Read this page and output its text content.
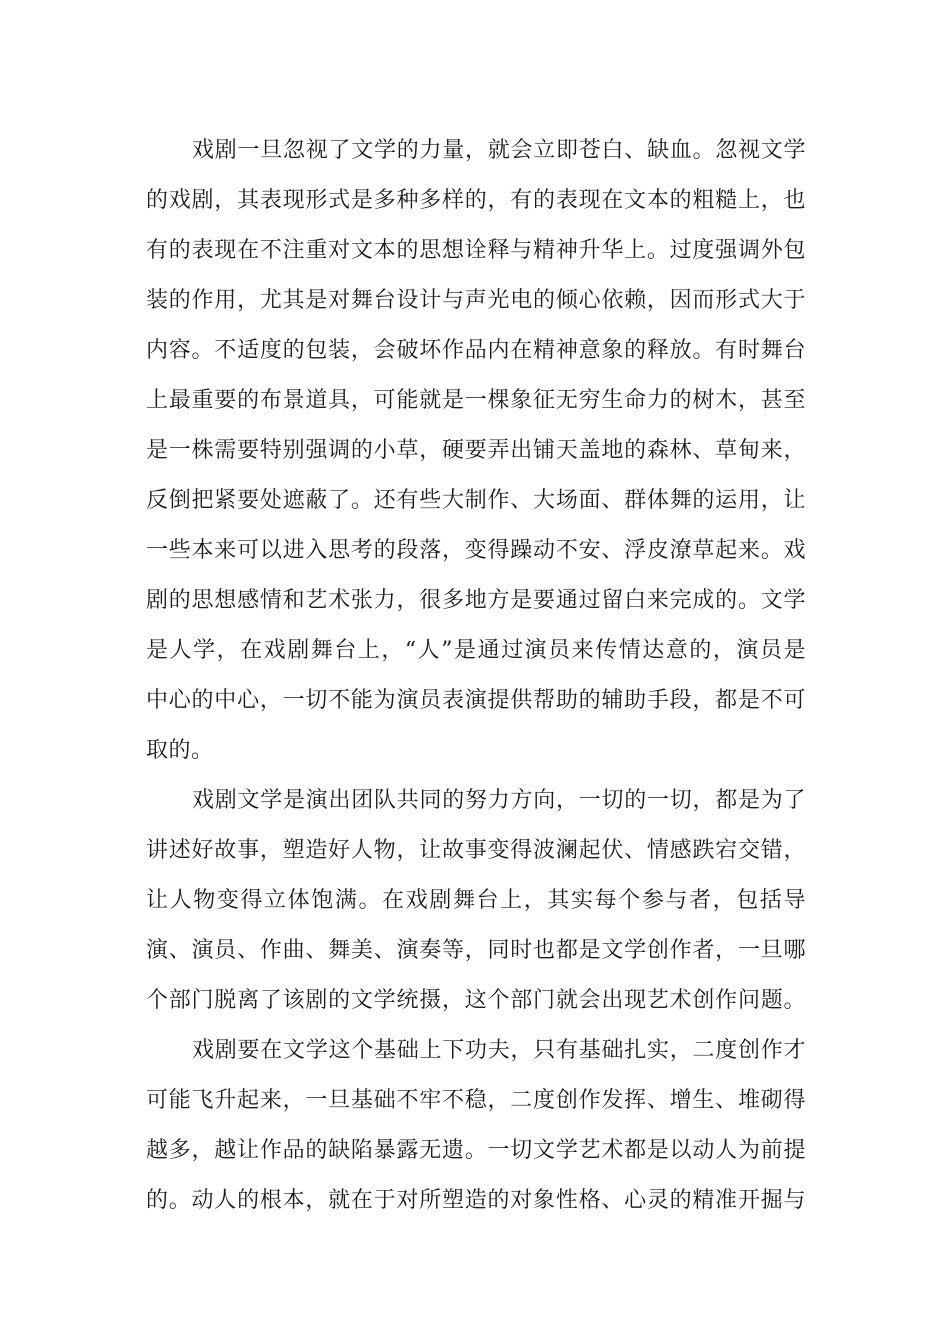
戏剧一旦忽视了文学的力量，就会立即苍白、缺血。忽视文学
的戏剧，其表现形式是多种多样的，有的表现在文本的粗糙上，也
有的表现在不注重对文本的思想诠释与精神升华上。过度强调外包
装的作用，尤其是对舞台设计与声光电的倾心依赖，因而形式大于
内容。不适度的包装，会破坏作品内在精神意象的释放。有时舞台
上最重要的布景道具，可能就是一棵象征无穷生命力的树木，甚至
是一株需要特别强调的小草，硬要弄出铺天盖地的森林、草甸来，
反倒把紧要处遮蔽了。还有些大制作、大场面、群体舞的运用，让
一些本来可以进入思考的段落，变得躁动不安、浮皮潦草起来。戏
剧的思想感情和艺术张力，很多地方是要通过留白来完成的。文学
是人学，在戏剧舞台上，“人”是通过演员来传情达意的，演员是
中心的中心，一切不能为演员表演提供帮助的辅助手段，都是不可
取的。
戏剧文学是演出团队共同的努力方向，一切的一切，都是为了
讲述好故事，塑造好人物，让故事变得波澜起伏、情感跌宕交错，
让人物变得立体饱满。在戏剧舞台上，其实每个参与者，包括导
演、演员、作曲、舞美、演奏等，同时也都是文学创作者，一旦哪
个部门脱离了该剧的文学统摄，这个部门就会出现艺术创作问题。
戏剧要在文学这个基础上下功夫，只有基础扎实，二度创作才
可能飞升起来，一旦基础不牢不稳，二度创作发挥、增生、堆砌得
越多，越让作品的缺陷暴露无遗。一切文学艺术都是以动人为前提
的。动人的根本，就在于对所塑造的对象性格、心灵的精准开掘与
